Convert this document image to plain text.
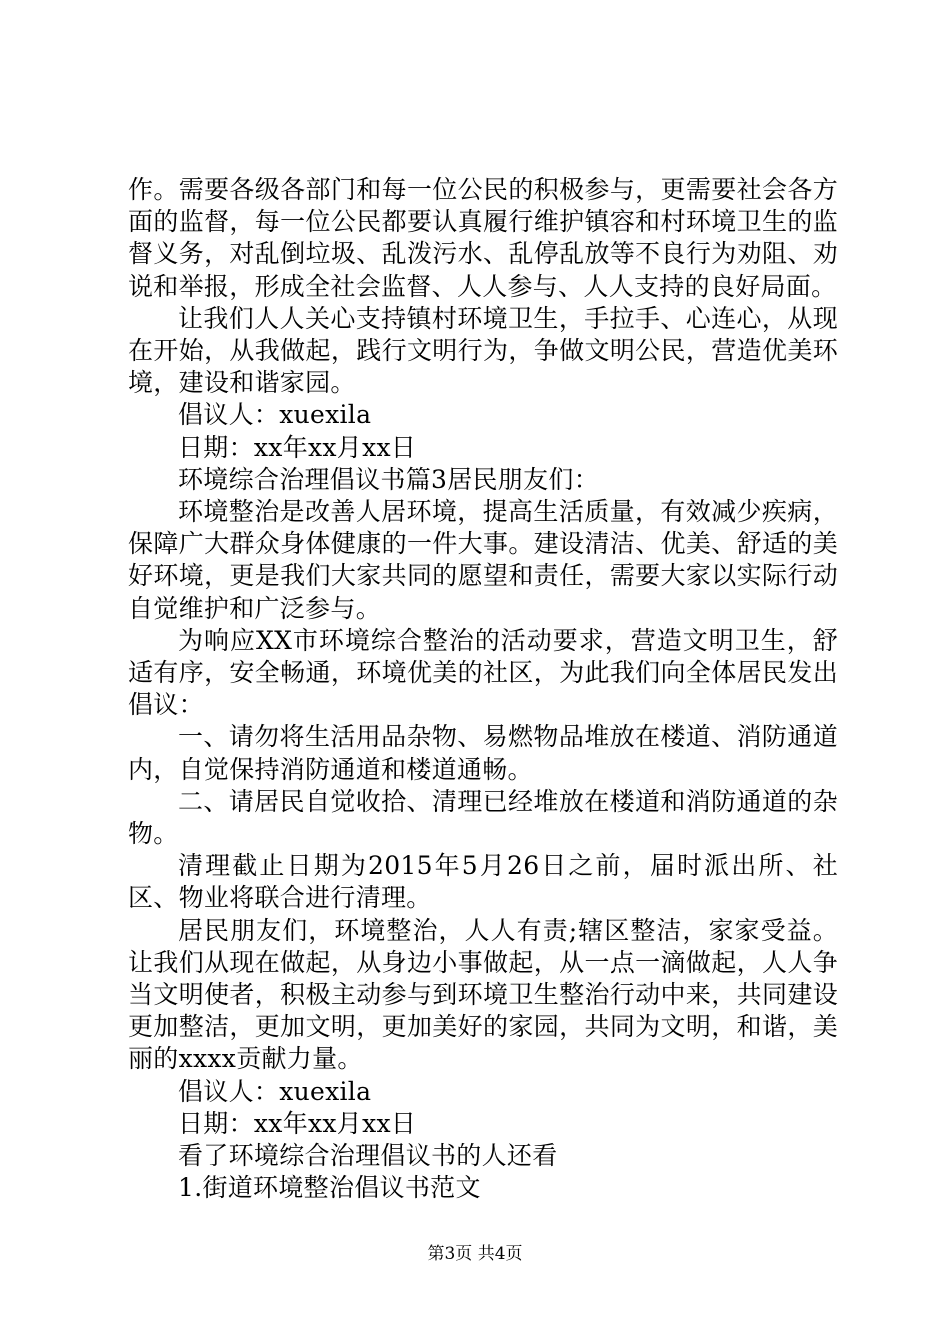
作。需要各级各部门和每一位公民的积极参与，更需要社会各方面的监督，每一位公民都要认真履行维护镇容和村环境卫生的监督义务，对乱倒垃圾、乱泼污水、乱停乱放等不良行为劝阻、劝说和举报，形成全社会监督、人人参与、人人支持的良好局面。

让我们人人关心支持镇村环境卫生，手拉手、心连心，从现在开始，从我做起，践行文明行为，争做文明公民，营造优美环境，建设和谐家园。

倡议人：xuexila

日期：xx年xx月xx日

环境综合治理倡议书篇3居民朋友们：

环境整治是改善人居环境，提高生活质量，有效减少疾病，保障广大群众身体健康的一件大事。建设清洁、优美、舒适的美好环境，更是我们大家共同的愿望和责任，需要大家以实际行动自觉维护和广泛参与。

为响应XX市环境综合整治的活动要求，营造文明卫生，舒适有序，安全畅通，环境优美的社区，为此我们向全体居民发出倡议：

一、请勿将生活用品杂物、易燃物品堆放在楼道、消防通道内，自觉保持消防通道和楼道通畅。

二、请居民自觉收拾、清理已经堆放在楼道和消防通道的杂物。

清理截止日期为2015年5月26日之前，届时派出所、社区、物业将联合进行清理。

居民朋友们，环境整治，人人有责;辖区整洁，家家受益。让我们从现在做起，从身边小事做起，从一点一滴做起，人人争当文明使者，积极主动参与到环境卫生整治行动中来，共同建设更加整洁，更加文明，更加美好的家园，共同为文明，和谐，美丽的xxxx贡献力量。

倡议人：xuexila

日期：xx年xx月xx日

看了环境综合治理倡议书的人还看

1.街道环境整治倡议书范文

第3页 共4页
